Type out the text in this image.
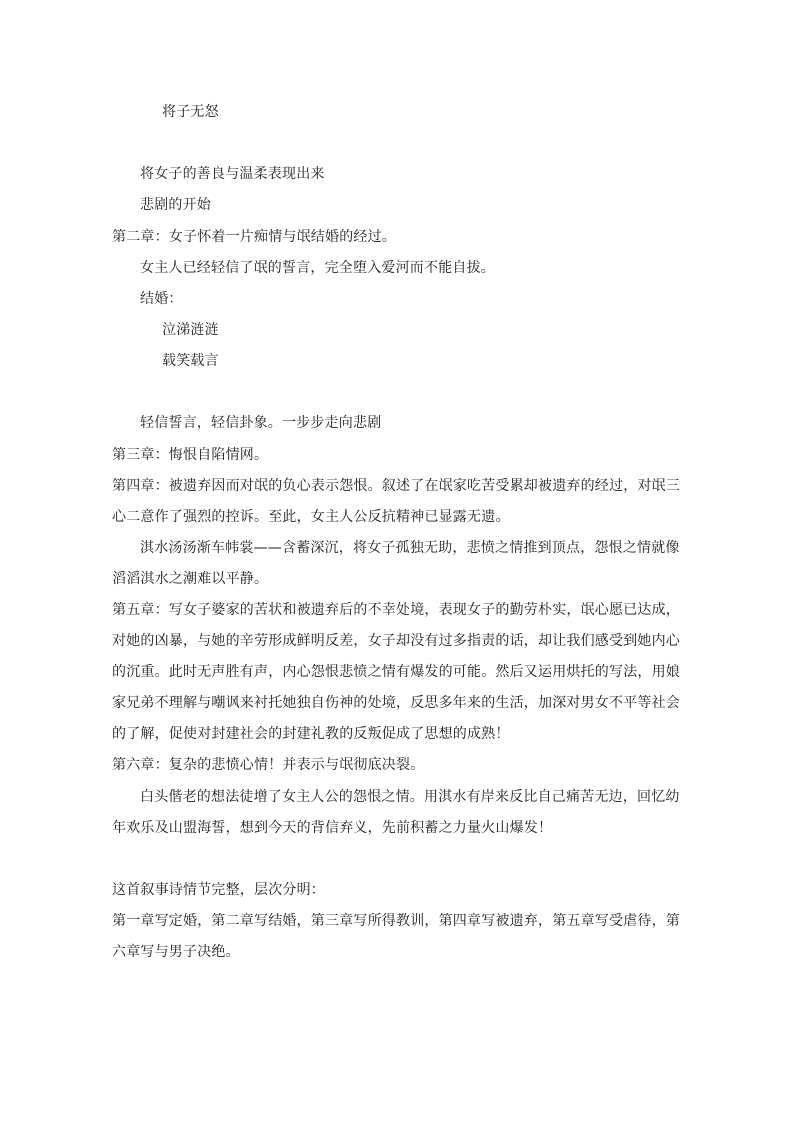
将子无怒
将女子的善良与温柔表现出来
悲剧的开始
第二章：女子怀着一片痴情与氓结婚的经过。
女主人已经轻信了氓的誓言，完全堕入爱河而不能自拔。
结婚：
泣涕涟涟
载笑载言
轻信誓言，轻信卦象。一步步走向悲剧
第三章：悔恨自陷情网。
第四章：被遗弃因而对氓的负心表示怨恨。叙述了在氓家吃苦受累却被遗弃的经过，对氓三
心二意作了强烈的控诉。至此，女主人公反抗精神已显露无遗。
淇水汤汤渐车帏裳——含蓄深沉，将女子孤独无助，悲愤之情推到顶点，怨恨之情就像
滔滔淇水之潮难以平静。
第五章：写女子婆家的苦状和被遗弃后的不幸处境，表现女子的勤劳朴实，氓心愿已达成，
对她的凶暴，与她的辛劳形成鲜明反差，女子却没有过多指责的话，却让我们感受到她内心
的沉重。此时无声胜有声，内心怨恨悲愤之情有爆发的可能。然后又运用烘托的写法，用娘
家兄弟不理解与嘲讽来衬托她独自伤神的处境，反思多年来的生活，加深对男女不平等社会
的了解，促使对封建社会的封建礼教的反叛促成了思想的成熟！
第六章：复杂的悲愤心情！并表示与氓彻底决裂。
白头偕老的想法徒增了女主人公的怨恨之情。用淇水有岸来反比自己痛苦无边，回忆幼
年欢乐及山盟海誓，想到今天的背信弃义，先前积蓄之力量火山爆发！
这首叙事诗情节完整，层次分明：
第一章写定婚，第二章写结婚，第三章写所得教训，第四章写被遗弃，第五章写受虐待，第
六章写与男子决绝。
